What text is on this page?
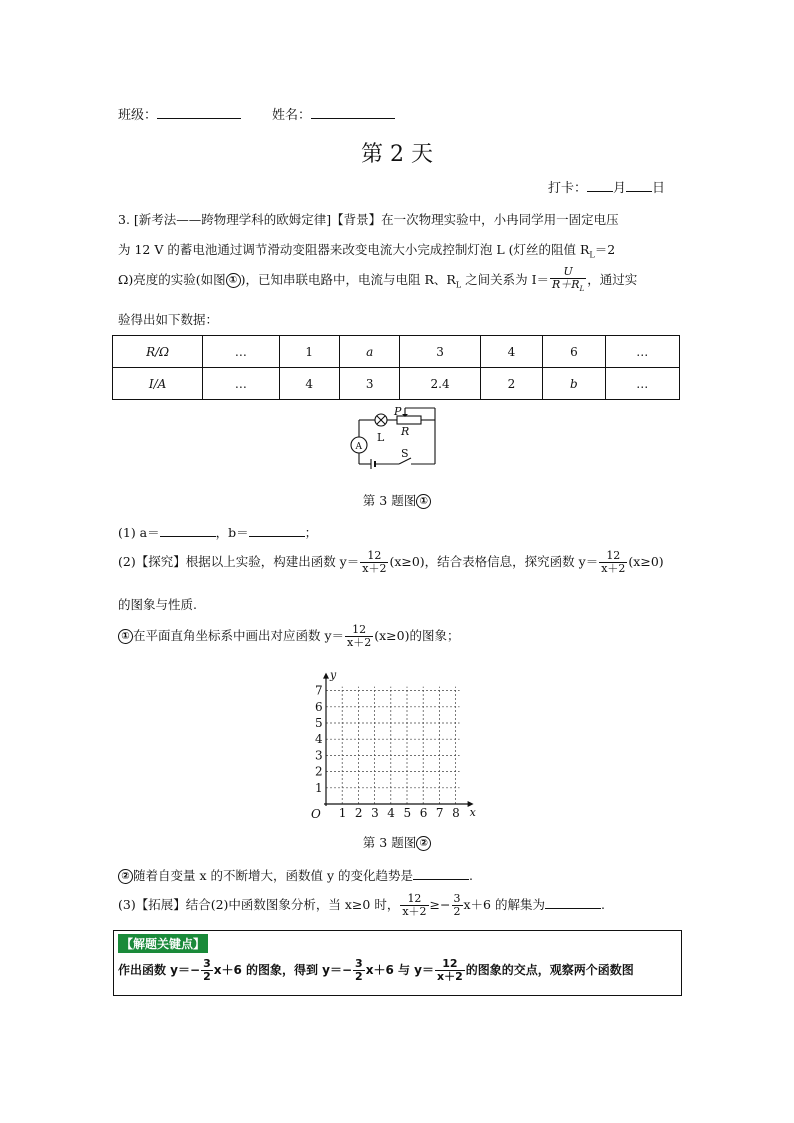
班级：	姓名：
第 2 天
打卡： 月 日
3. [新考法——跨物理学科的欧姆定律]【背景】在一次物理实验中，小冉同学用一固定电压
为 12 V 的蓄电池通过调节滑动变阻器来改变电流大小完成控制灯泡 L (灯丝的阻值 $R_L=2$
Ω)亮度的实验(如图 ① )，已知串联电路中，电流与电阻 R、$R_L$ 之间关系为 $I= \frac{U}{R+R_L}$ ，通过实
验得出如下数据：
R/Ω	…	1	a	3	4	6	…
I/A	…	4	3	2.4	2	b	…
P
R
L
A	S
第 3 题图 ①
(1) a＝	，b＝	；
(2)【探究】根据以上实验，构建出函数 $y= \frac{12}{x+2} (x\ge 0)$，结合表格信息，探究函数 $y= \frac{12}{x+2} (x\ge 0)$
的图象与性质.
① 在平面直角坐标系中画出对应函数 $y= \frac{12}{x+2} (x\ge 0)$的图象；
1 2 3 4 5 6 7 8
1
2
3
4
5
6
7
O	x
y
第 3 题图 ②
② 随着自变量 x 的不断增大，函数值 y 的变化趋势是	.
(3)【拓展】结合(2)中函数图象分析，当 x≥0 时， $\frac{12}{x+2} \ge- \frac{3}{2} x+6$ 的解集为	.
【解题关键点】
作出函数 $y=- \frac{3}{2} x+6$ 的图象，得到 $y=- \frac{3}{2} x+6$ 与 $y= \frac{12}{x+2}$ 的图象的交点，观察两个函数图
